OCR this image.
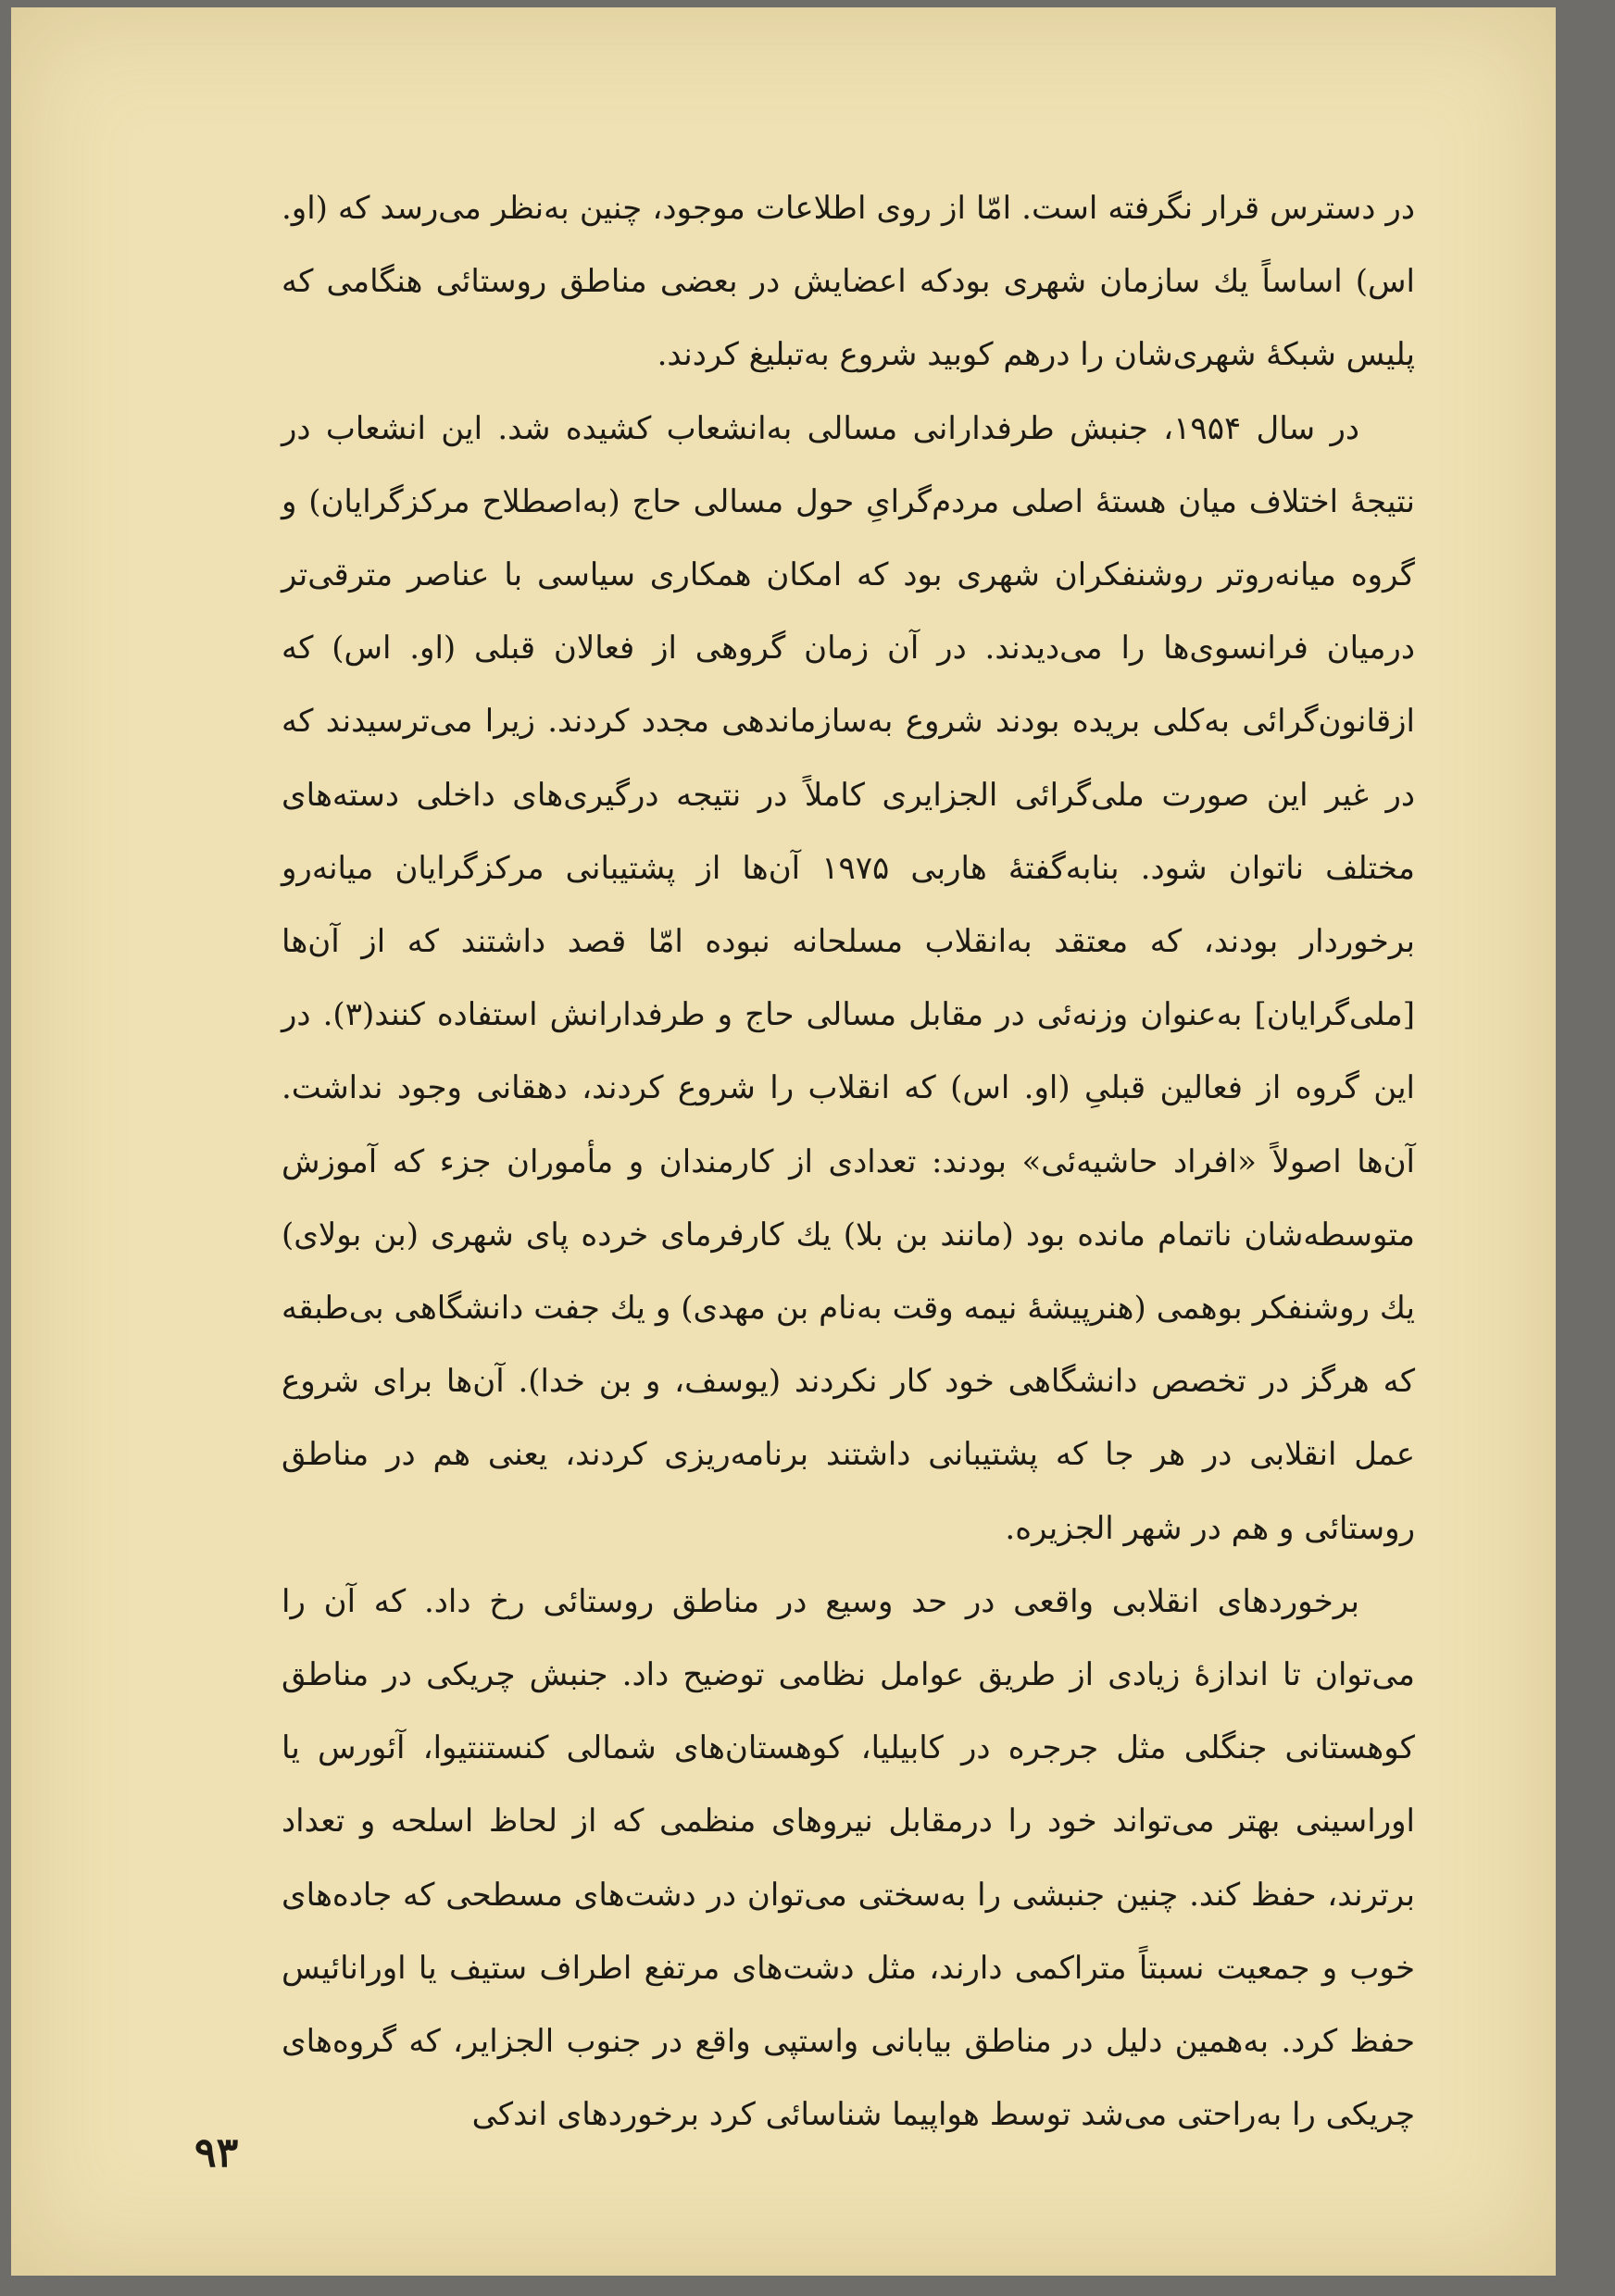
در دسترس قرار نگرفته است. امّا از روی اطلاعات موجود، چنین به‌نظر می‌رسد که (او. اس) اساساً یك سازمان شهری بودکه اعضایش در بعضی مناطق روستائی هنگامی که پلیس شبکهٔ شهری‌شان را درهم کوبید شروع به‌تبلیغ کردند.

در سال ۱۹۵۴، جنبش طرفدارانی مسالی به‌انشعاب کشیده شد. این انشعاب در نتیجهٔ اختلاف میان هستهٔ اصلی مردم‌گرایِ حول مسالی حاج (به‌اصطلاح مرکزگرایان) و گروه میانه‌روتر روشنفکران شهری بود که امکان همکاری سیاسی با عناصر مترقی‌تر درمیان فرانسوی‌ها را می‌دیدند. در آن زمان گروهی از فعالان قبلی (او. اس) که ازقانون‌گرائی به‌کلی بریده بودند شروع به‌سازماندهی مجدد کردند. زیرا می‌ترسیدند که در غیر این صورت ملی‌گرائی الجزایری کاملاً در نتیجه درگیری‌های داخلی دسته‌های مختلف ناتوان شود. بنابه‌گفتهٔ هاربی ۱۹۷۵ آن‌ها از پشتیبانی مرکزگرایان میانه‌رو برخوردار بودند، که معتقد به‌انقلاب مسلحانه نبوده امّا قصد داشتند که از آن‌ها [ملی‌گرایان] به‌عنوان وزنه‌ئی در مقابل مسالی حاج و طرفدارانش استفاده کنند(۳). در این گروه از فعالین قبلیِ (او. اس) که انقلاب را شروع کردند، دهقانی وجود نداشت. آن‌ها اصولاً «افراد حاشیه‌ئی» بودند: تعدادی از کارمندان و مأموران جزء که آموزش متوسطه‌شان ناتمام مانده بود (مانند بن بلا) یك کارفرمای خرده پای شهری (بن بولای) یك روشنفکر بوهمی (هنرپیشهٔ نیمه وقت به‌نام بن مهدی) و یك جفت دانشگاهی بی‌طبقه که هرگز در تخصص دانشگاهی خود کار نکردند (یوسف، و بن خدا). آن‌ها برای شروع عمل انقلابی در هر جا که پشتیبانی داشتند برنامه‌ریزی کردند، یعنی هم در مناطق روستائی و هم در شهر الجزیره.

برخوردهای انقلابی واقعی در حد وسیع در مناطق روستائی رخ داد. که آن را می‌توان تا اندازهٔ زیادی از طریق عوامل نظامی توضیح داد. جنبش چریکی در مناطق کوهستانی جنگلی مثل جرجره در کابیلیا، کوهستان‌های شمالی کنستنتیوا، آئورس یا اوراسینی بهتر می‌تواند خود را درمقابل نیروهای منظمی که از لحاظ اسلحه و تعداد برترند، حفظ کند. چنین جنبشی را به‌سختی می‌توان در دشت‌های مسطحی که جاده‌های خوب و جمعیت نسبتاً متراکمی دارند، مثل دشت‌های مرتفع اطراف ستیف یا اورانائیس حفظ کرد. به‌همین دلیل در مناطق بیابانی واستپی واقع در جنوب الجزایر، که گروه‌های چریکی را به‌راحتی می‌شد توسط هواپیما شناسائی کرد برخوردهای اندکی

۹۳
